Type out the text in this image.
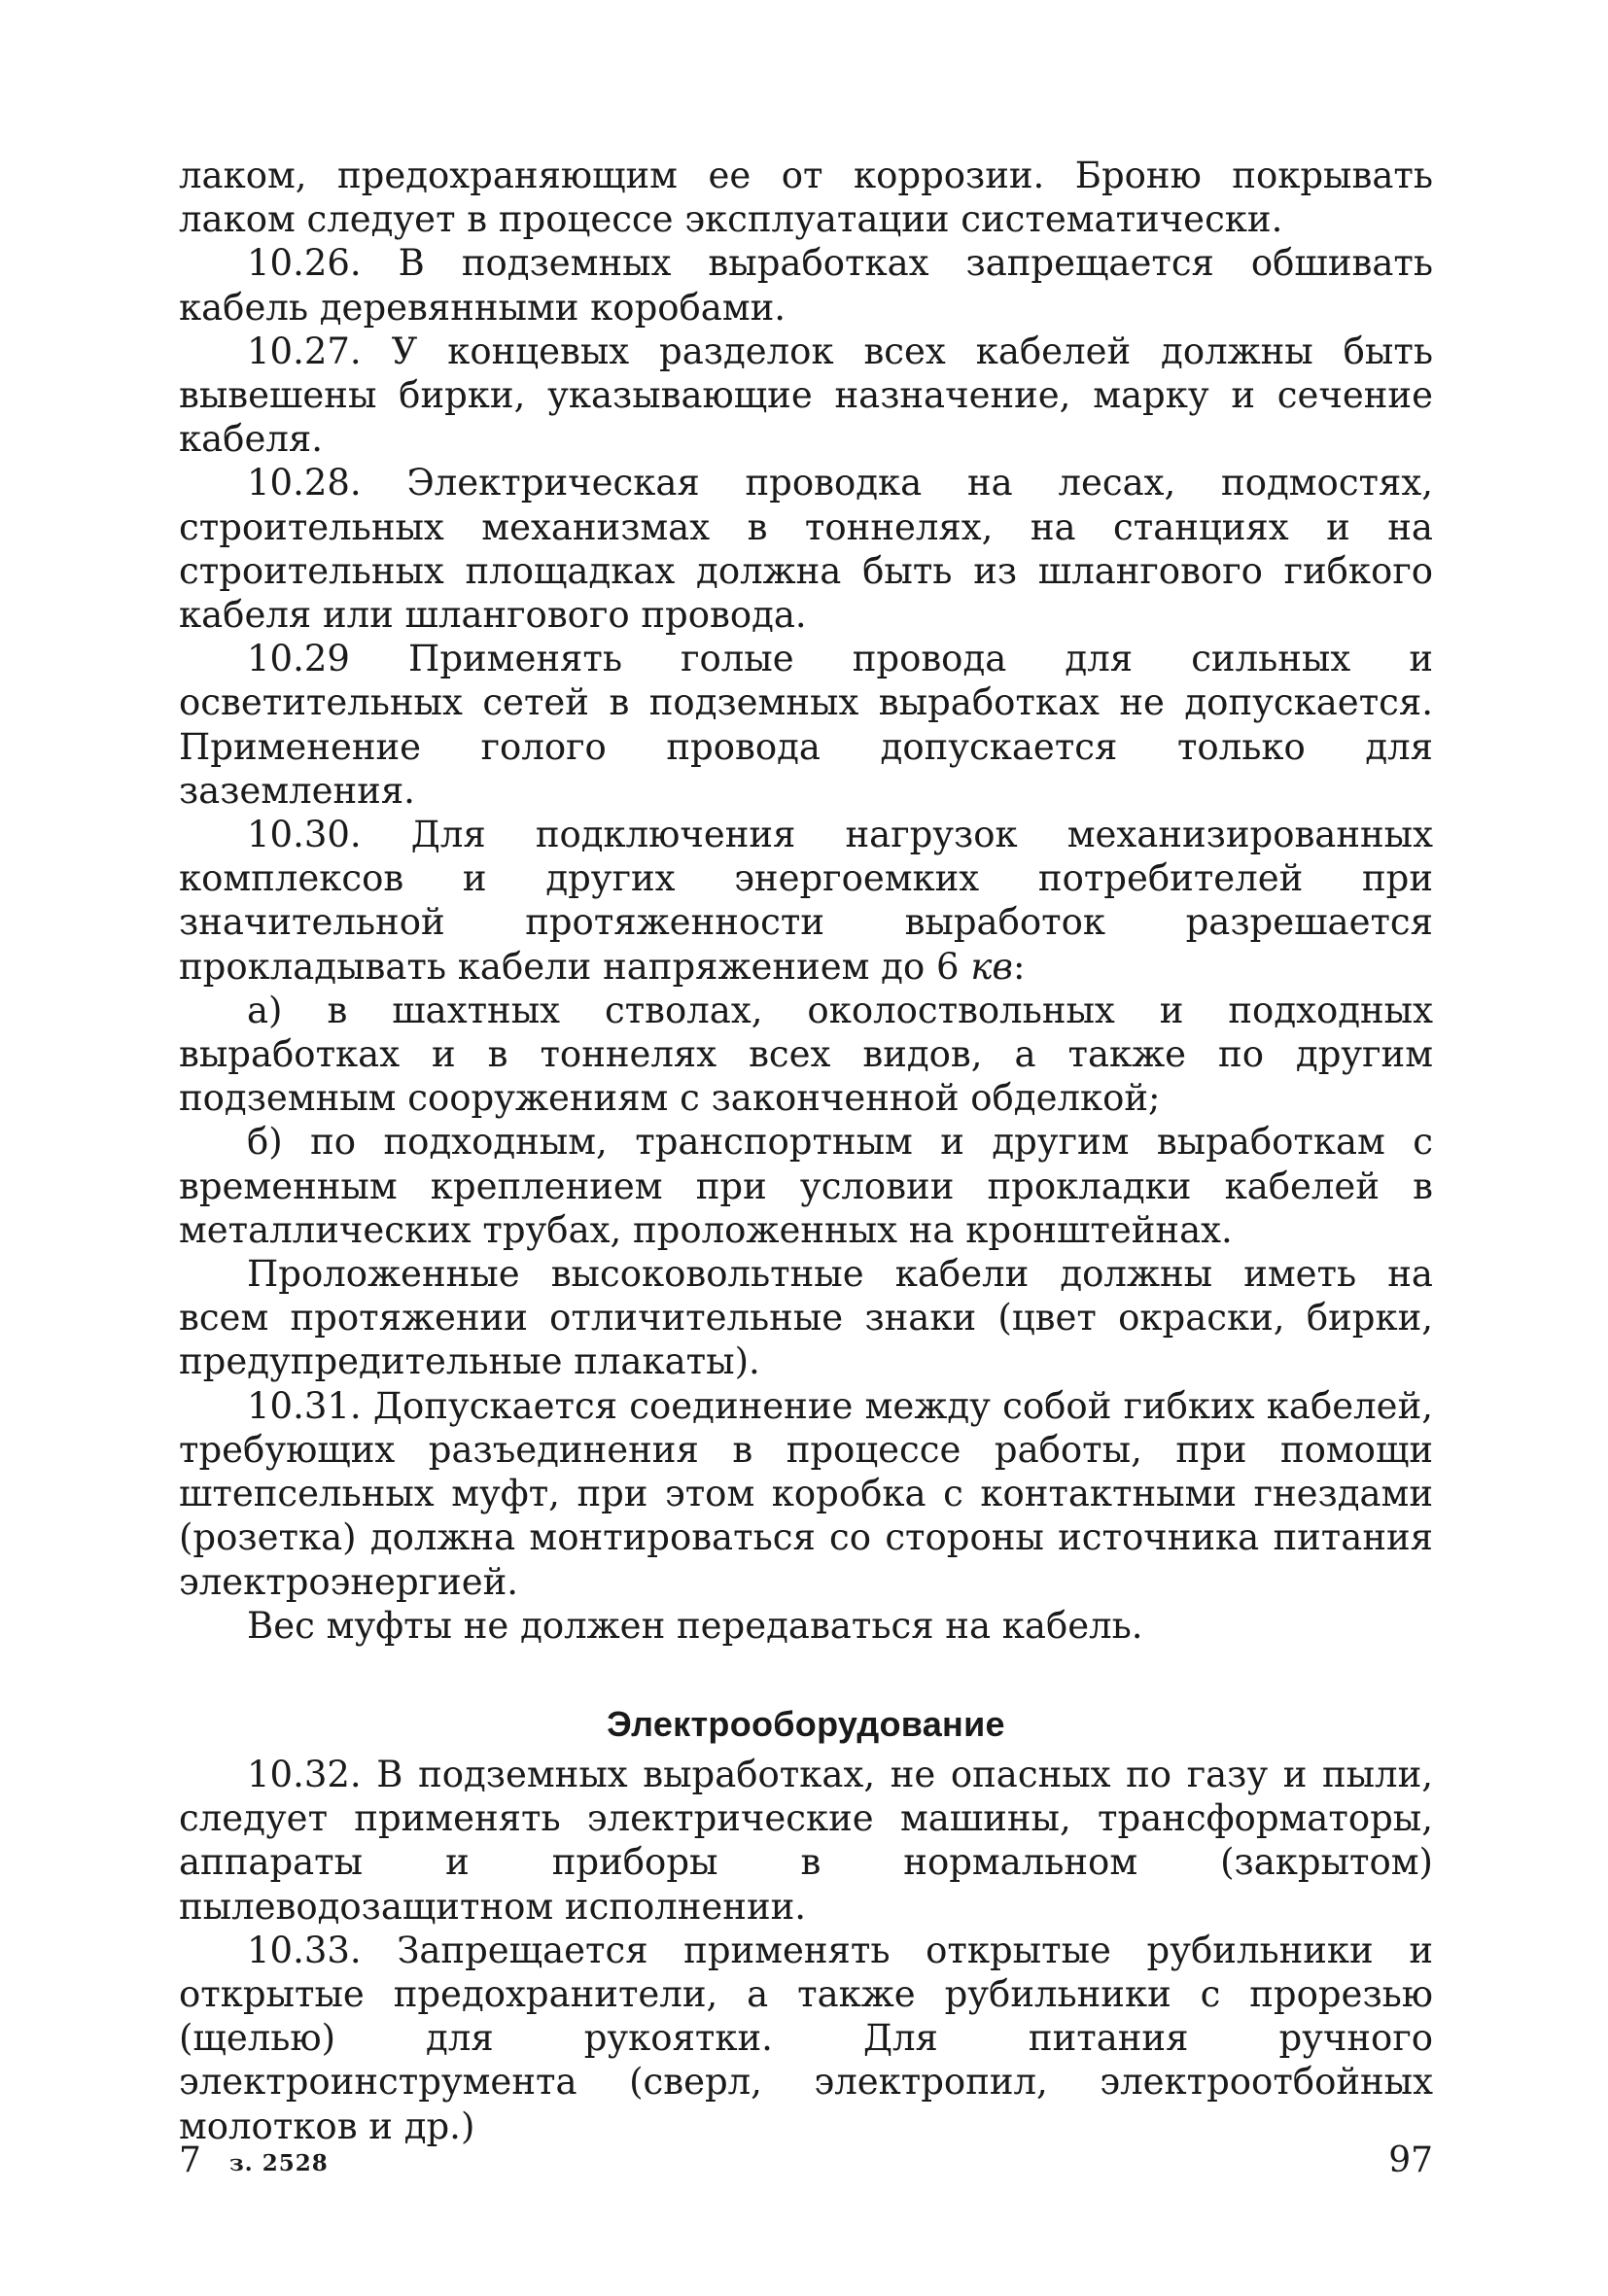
лаком, предохраняющим ее от коррозии. Броню покрывать лаком следует в процессе эксплуатации систематически.

10.26. В подземных выработках запрещается обшивать кабель деревянными коробами.

10.27. У концевых разделок всех кабелей должны быть вывешены бирки, указывающие назначение, марку и сечение кабеля.

10.28. Электрическая проводка на лесах, подмостях, строительных механизмах в тоннелях, на станциях и на строительных площадках должна быть из шлангового гибкого кабеля или шлангового провода.

10.29 Применять голые провода для сильных и осветительных сетей в подземных выработках не допускается. Применение голого провода допускается только для заземления.

10.30. Для подключения нагрузок механизированных комплексов и других энергоемких потребителей при значительной протяженности выработок разрешается прокладывать кабели напряжением до 6 кв:

а) в шахтных стволах, околоствольных и подходных выработках и в тоннелях всех видов, а также по другим подземным сооружениям с законченной обделкой;

б) по подходным, транспортным и другим выработкам с временным креплением при условии прокладки кабелей в металлических трубах, проложенных на кронштейнах.

Проложенные высоковольтные кабели должны иметь на всем протяжении отличительные знаки (цвет окраски, бирки, предупредительные плакаты).

10.31. Допускается соединение между собой гибких кабелей, требующих разъединения в процессе работы, при помощи штепсельных муфт, при этом коробка с контактными гнездами (розетка) должна монтироваться со стороны источника питания электроэнергией.

Вес муфты не должен передаваться на кабель.

Электрооборудование

10.32. В подземных выработках, не опасных по газу и пыли, следует применять электрические машины, трансформаторы, аппараты и приборы в нормальном (закрытом) пылеводозащитном исполнении.

10.33. Запрещается применять открытые рубильники и открытые предохранители, а также рубильники с прорезью (щелью) для рукоятки. Для питания ручного электроинструмента (сверл, электропил, электроотбойных молотков и др.)

7 з. 2528	97
